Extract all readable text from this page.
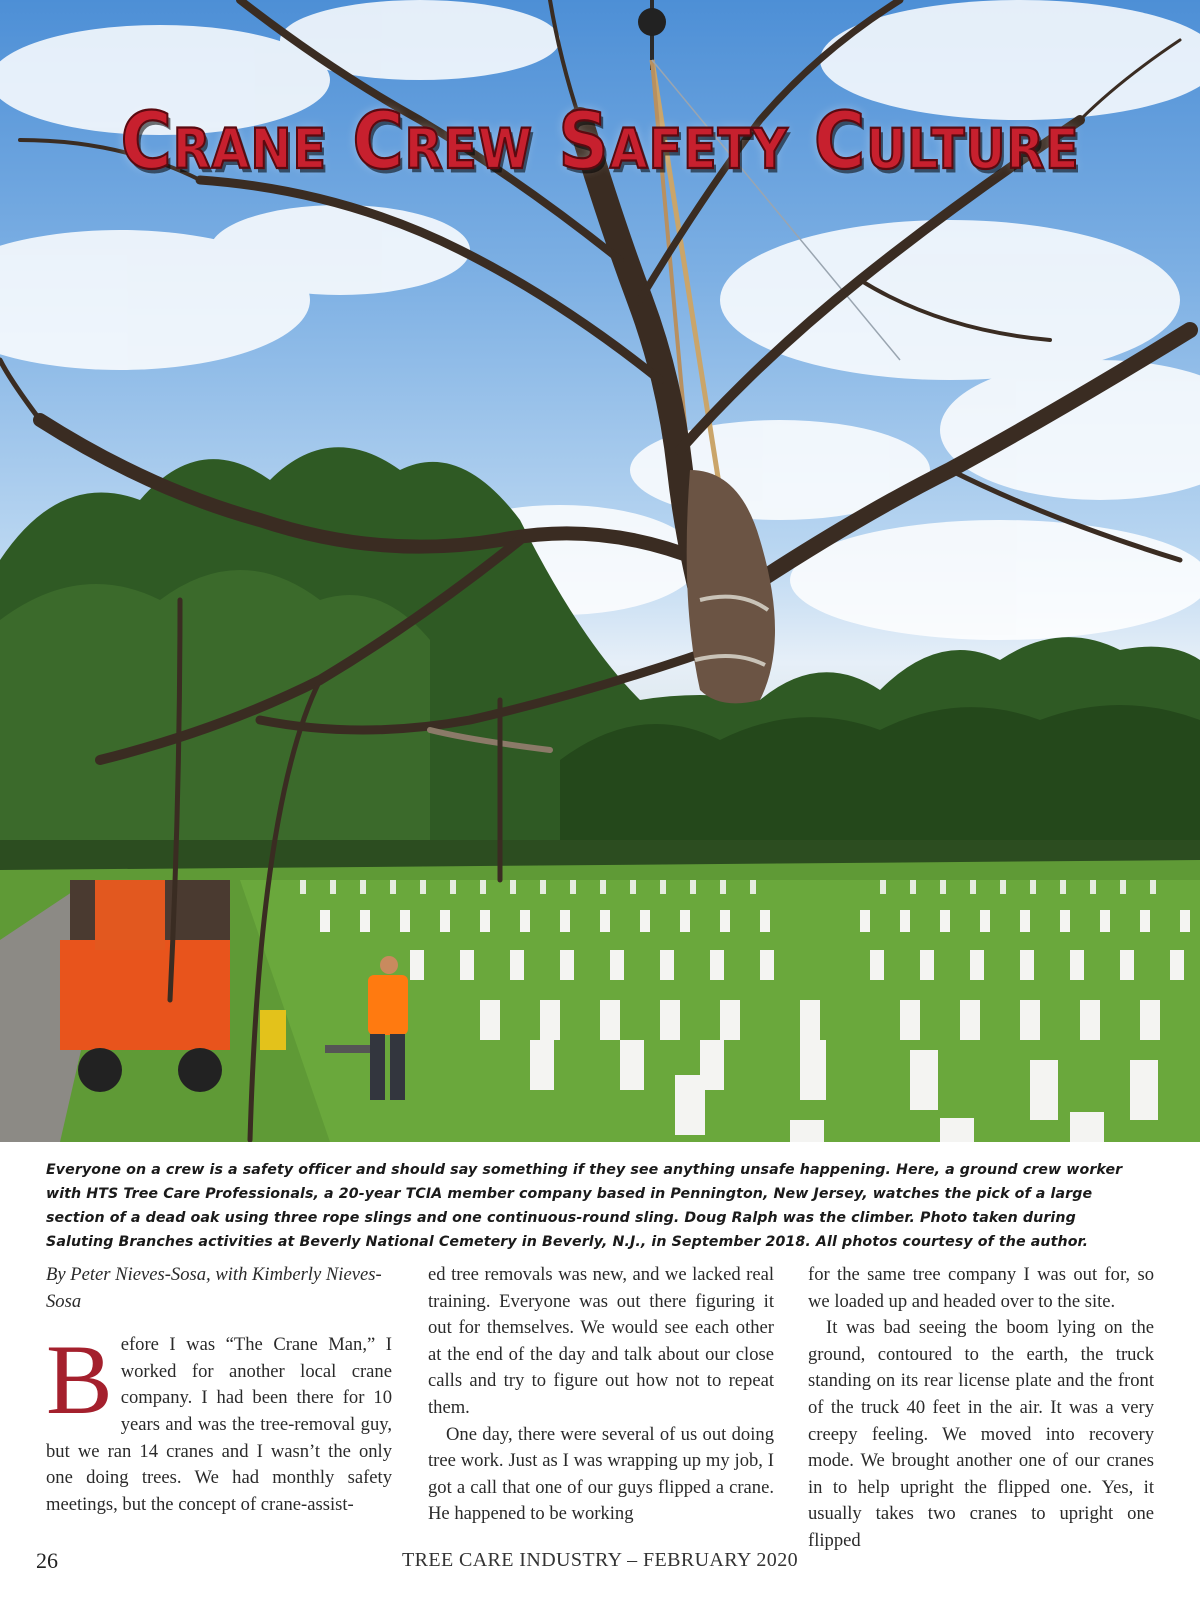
Crane Crew Safety Culture
Everyone on a crew is a safety officer and should say something if they see anything unsafe happening. Here, a ground crew worker with HTS Tree Care Professionals, a 20-year TCIA member company based in Pennington, New Jersey, watches the pick of a large section of a dead oak using three rope slings and one continuous-round sling. Doug Ralph was the climber. Photo taken during Saluting Branches activities at Beverly National Cemetery in Beverly, N.J., in September 2018. All photos courtesy of the author.

By Peter Nieves-Sosa, with Kimberly Nieves-Sosa

Before I was “The Crane Man,” I worked for another local crane company. I had been there for 10 years and was the tree-removal guy, but we ran 14 cranes and I wasn’t the only one doing trees. We had monthly safety meetings, but the concept of crane-assist-

ed tree removals was new, and we lacked real training. Everyone was out there figuring it out for themselves. We would see each other at the end of the day and talk about our close calls and try to figure out how not to repeat them.

One day, there were several of us out doing tree work. Just as I was wrapping up my job, I got a call that one of our guys flipped a crane. He happened to be working

for the same tree company I was out for, so we loaded up and headed over to the site.

It was bad seeing the boom lying on the ground, contoured to the earth, the truck standing on its rear license plate and the front of the truck 40 feet in the air. It was a very creepy feeling. We moved into recovery mode. We brought another one of our cranes in to help upright the flipped one. Yes, it usually takes two cranes to upright one flipped

26	TREE CARE INDUSTRY – FEBRUARY 2020
